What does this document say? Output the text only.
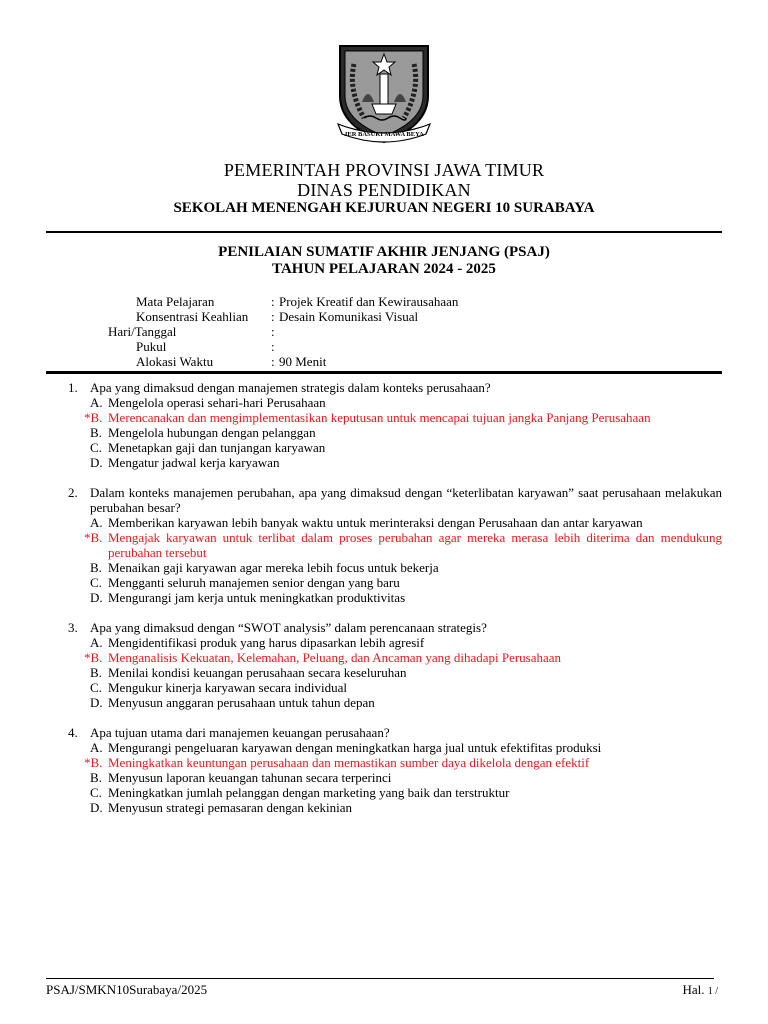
JER BASUKI MAWA BEYA
PEMERINTAH PROVINSI JAWA TIMUR
DINAS PENDIDIKAN
SEKOLAH MENENGAH KEJURUAN NEGERI 10 SURABAYA
PENILAIAN SUMATIF AKHIR JENJANG (PSAJ)
TAHUN PELAJARAN 2024 - 2025
Mata Pelajaran	: Projek Kreatif dan Kewirausahaan
Konsentrasi Keahlian : Desain Komunikasi Visual
Hari/Tanggal	:
Pukul	:
Alokasi Waktu	: 90 Menit
1. Apa yang dimaksud dengan manajemen strategis dalam konteks perusahaan?
A. Mengelola operasi sehari-hari Perusahaan
*B. Merencanakan dan mengimplementasikan keputusan untuk mencapai tujuan jangka Panjang Perusahaan
B. Mengelola hubungan dengan pelanggan
C. Menetapkan gaji dan tunjangan karyawan
D. Mengatur jadwal kerja karyawan
2. Dalam konteks manajemen perubahan, apa yang dimaksud dengan “keterlibatan karyawan” saat perusahaan melakukan perubahan besar?
A. Memberikan karyawan lebih banyak waktu untuk merinteraksi dengan Perusahaan dan antar karyawan
*B. Mengajak karyawan untuk terlibat dalam proses perubahan agar mereka merasa lebih diterima dan mendukung perubahan tersebut
B. Menaikan gaji karyawan agar mereka lebih focus untuk bekerja
C. Mengganti seluruh manajemen senior dengan yang baru
D. Mengurangi jam kerja untuk meningkatkan produktivitas
3. Apa yang dimaksud dengan “SWOT analysis” dalam perencanaan strategis?
A. Mengidentifikasi produk yang harus dipasarkan lebih agresif
*B. Menganalisis Kekuatan, Kelemahan, Peluang, dan Ancaman yang dihadapi Perusahaan
B. Menilai kondisi keuangan perusahaan secara keseluruhan
C. Mengukur kinerja karyawan secara individual
D. Menyusun anggaran perusahaan untuk tahun depan
4. Apa tujuan utama dari manajemen keuangan perusahaan?
A. Mengurangi pengeluaran karyawan dengan meningkatkan harga jual untuk efektifitas produksi
*B. Meningkatkan keuntungan perusahaan dan memastikan sumber daya dikelola dengan efektif
B. Menyusun laporan keuangan tahunan secara terperinci
C. Meningkatkan jumlah pelanggan dengan marketing yang baik dan terstruktur
D. Menyusun strategi pemasaran dengan kekinian
PSAJ/SMKN10Surabaya/2025	Hal. 1 /
